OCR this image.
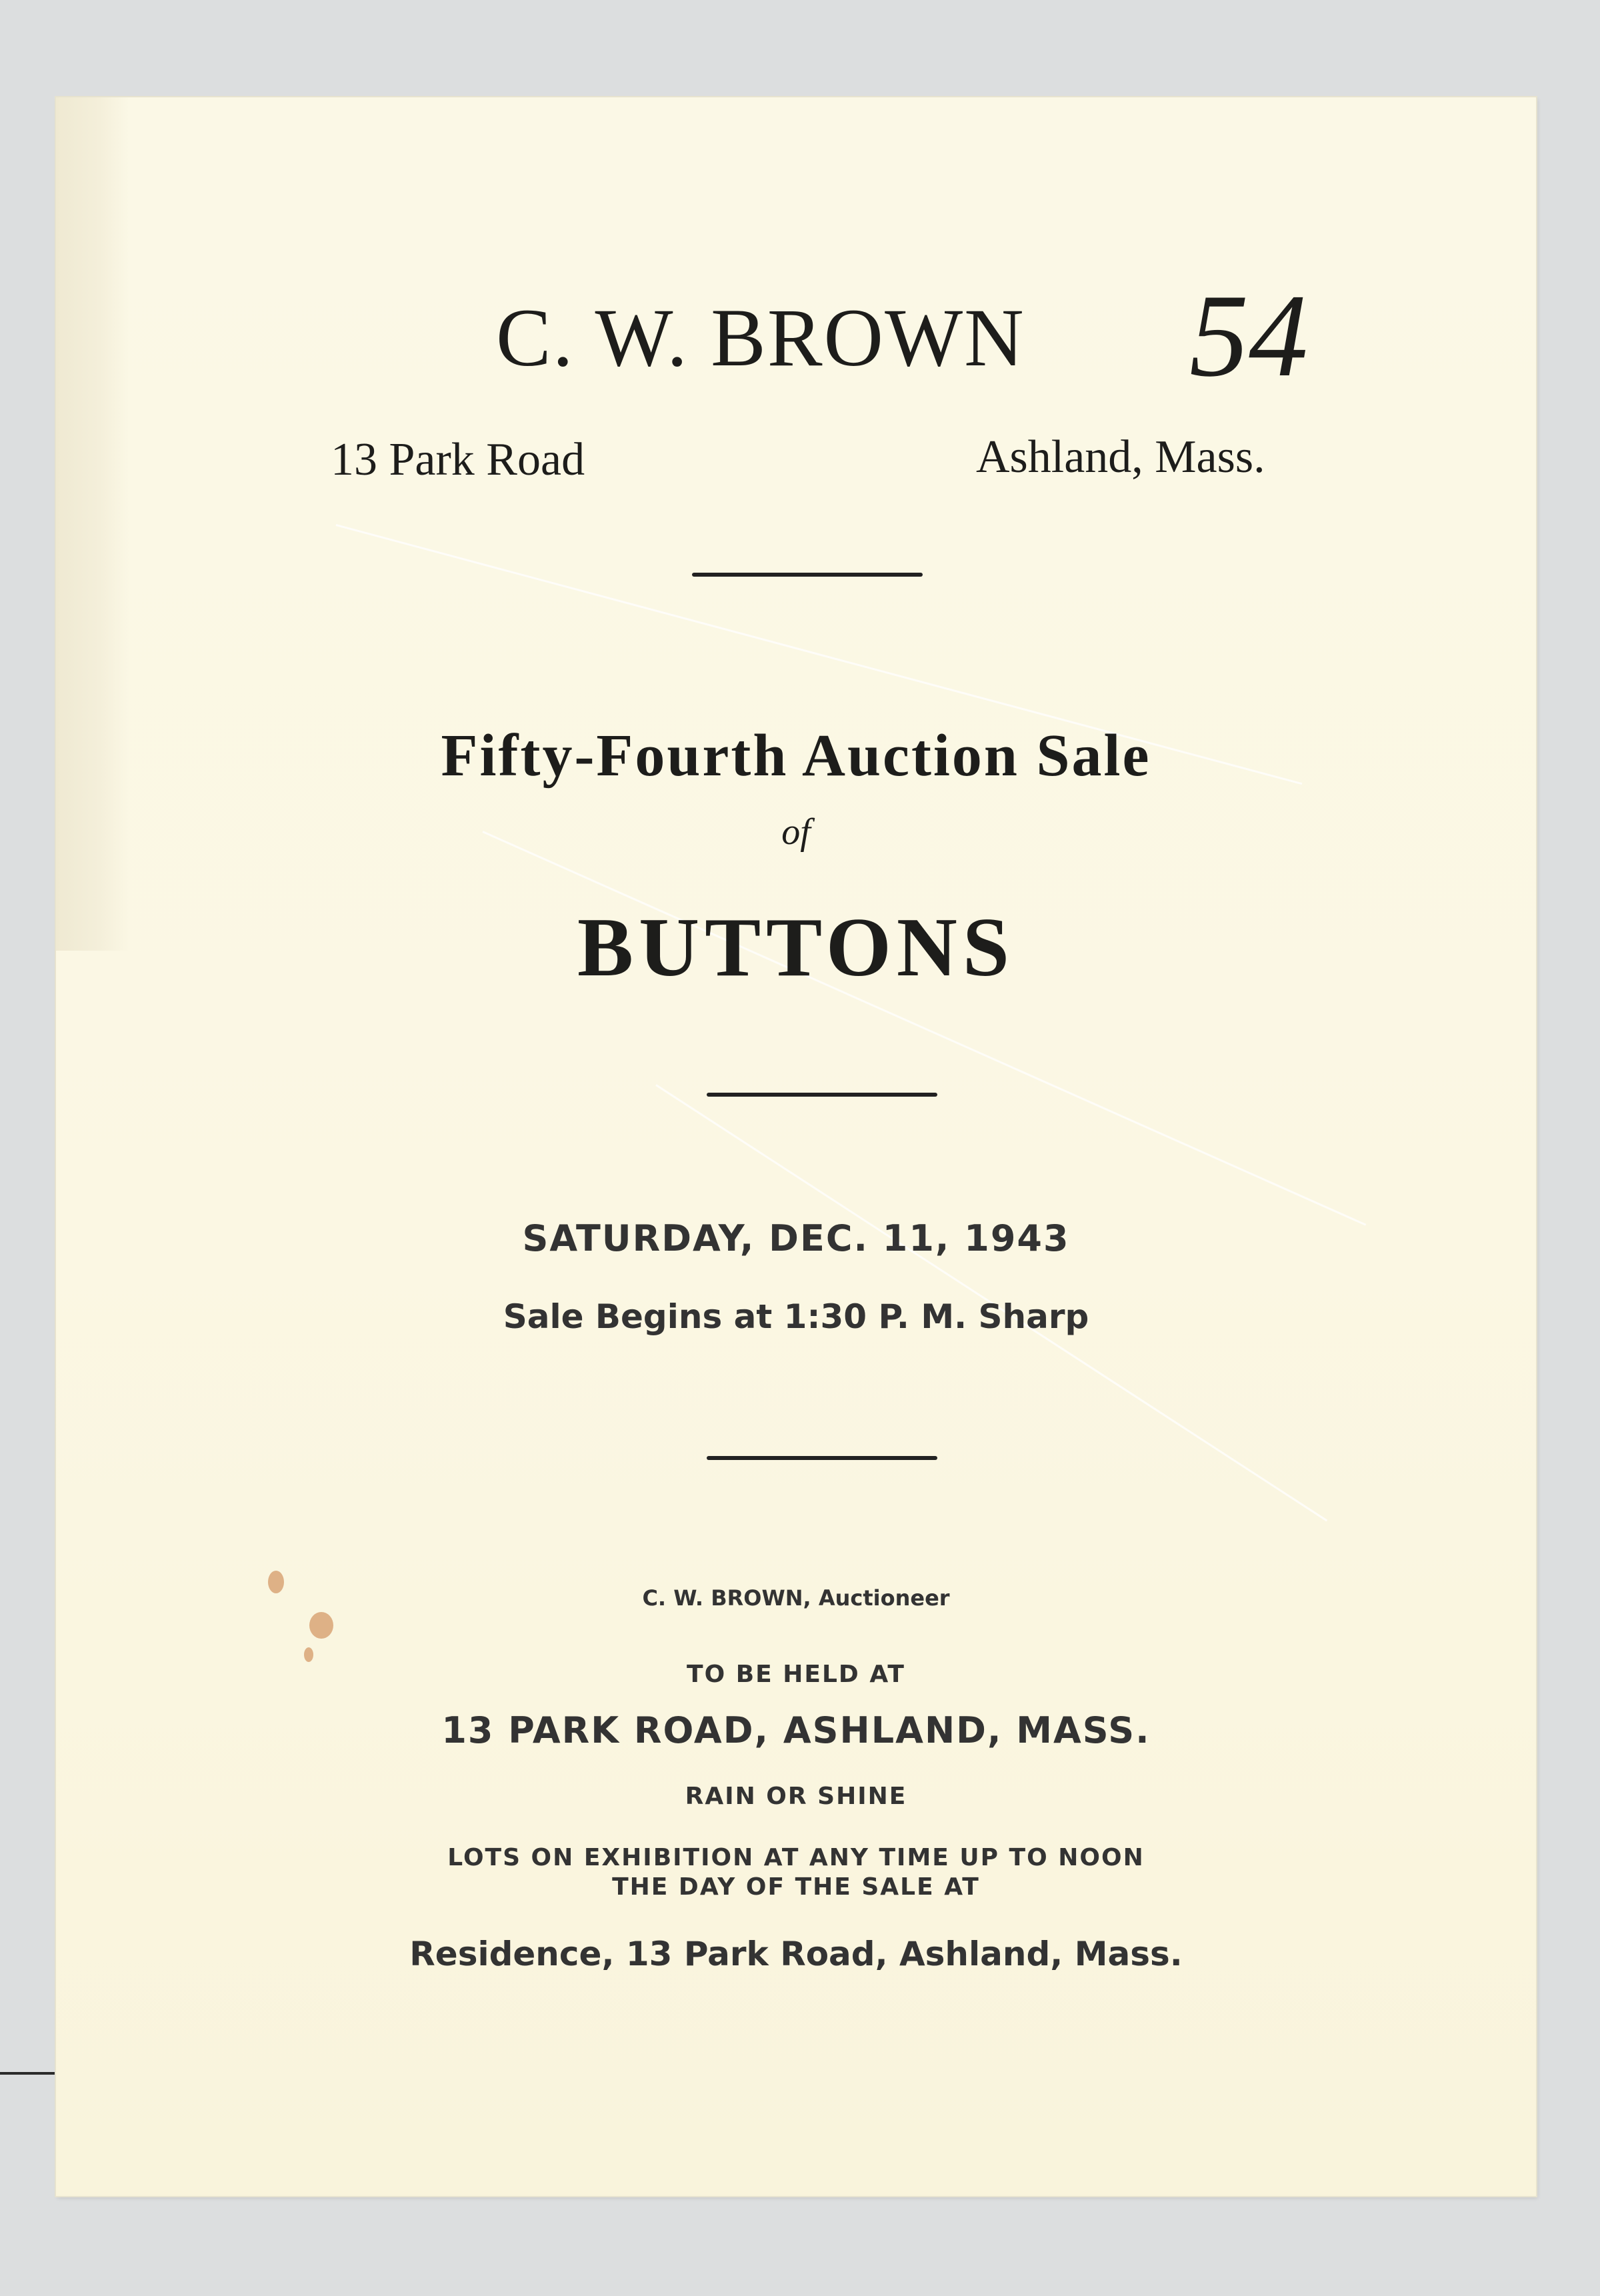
C. W. BROWN 54
13 Park Road	Ashland, Mass.
Fifty-Fourth Auction Sale
of
BUTTONS
SATURDAY, DEC. 11, 1943
Sale Begins at 1:30 P. M. Sharp
C. W. BROWN, Auctioneer
TO BE HELD AT
13 PARK ROAD, ASHLAND, MASS.
RAIN OR SHINE
LOTS ON EXHIBITION AT ANY TIME UP TO NOON
THE DAY OF THE SALE AT
Residence, 13 Park Road, Ashland, Mass.
